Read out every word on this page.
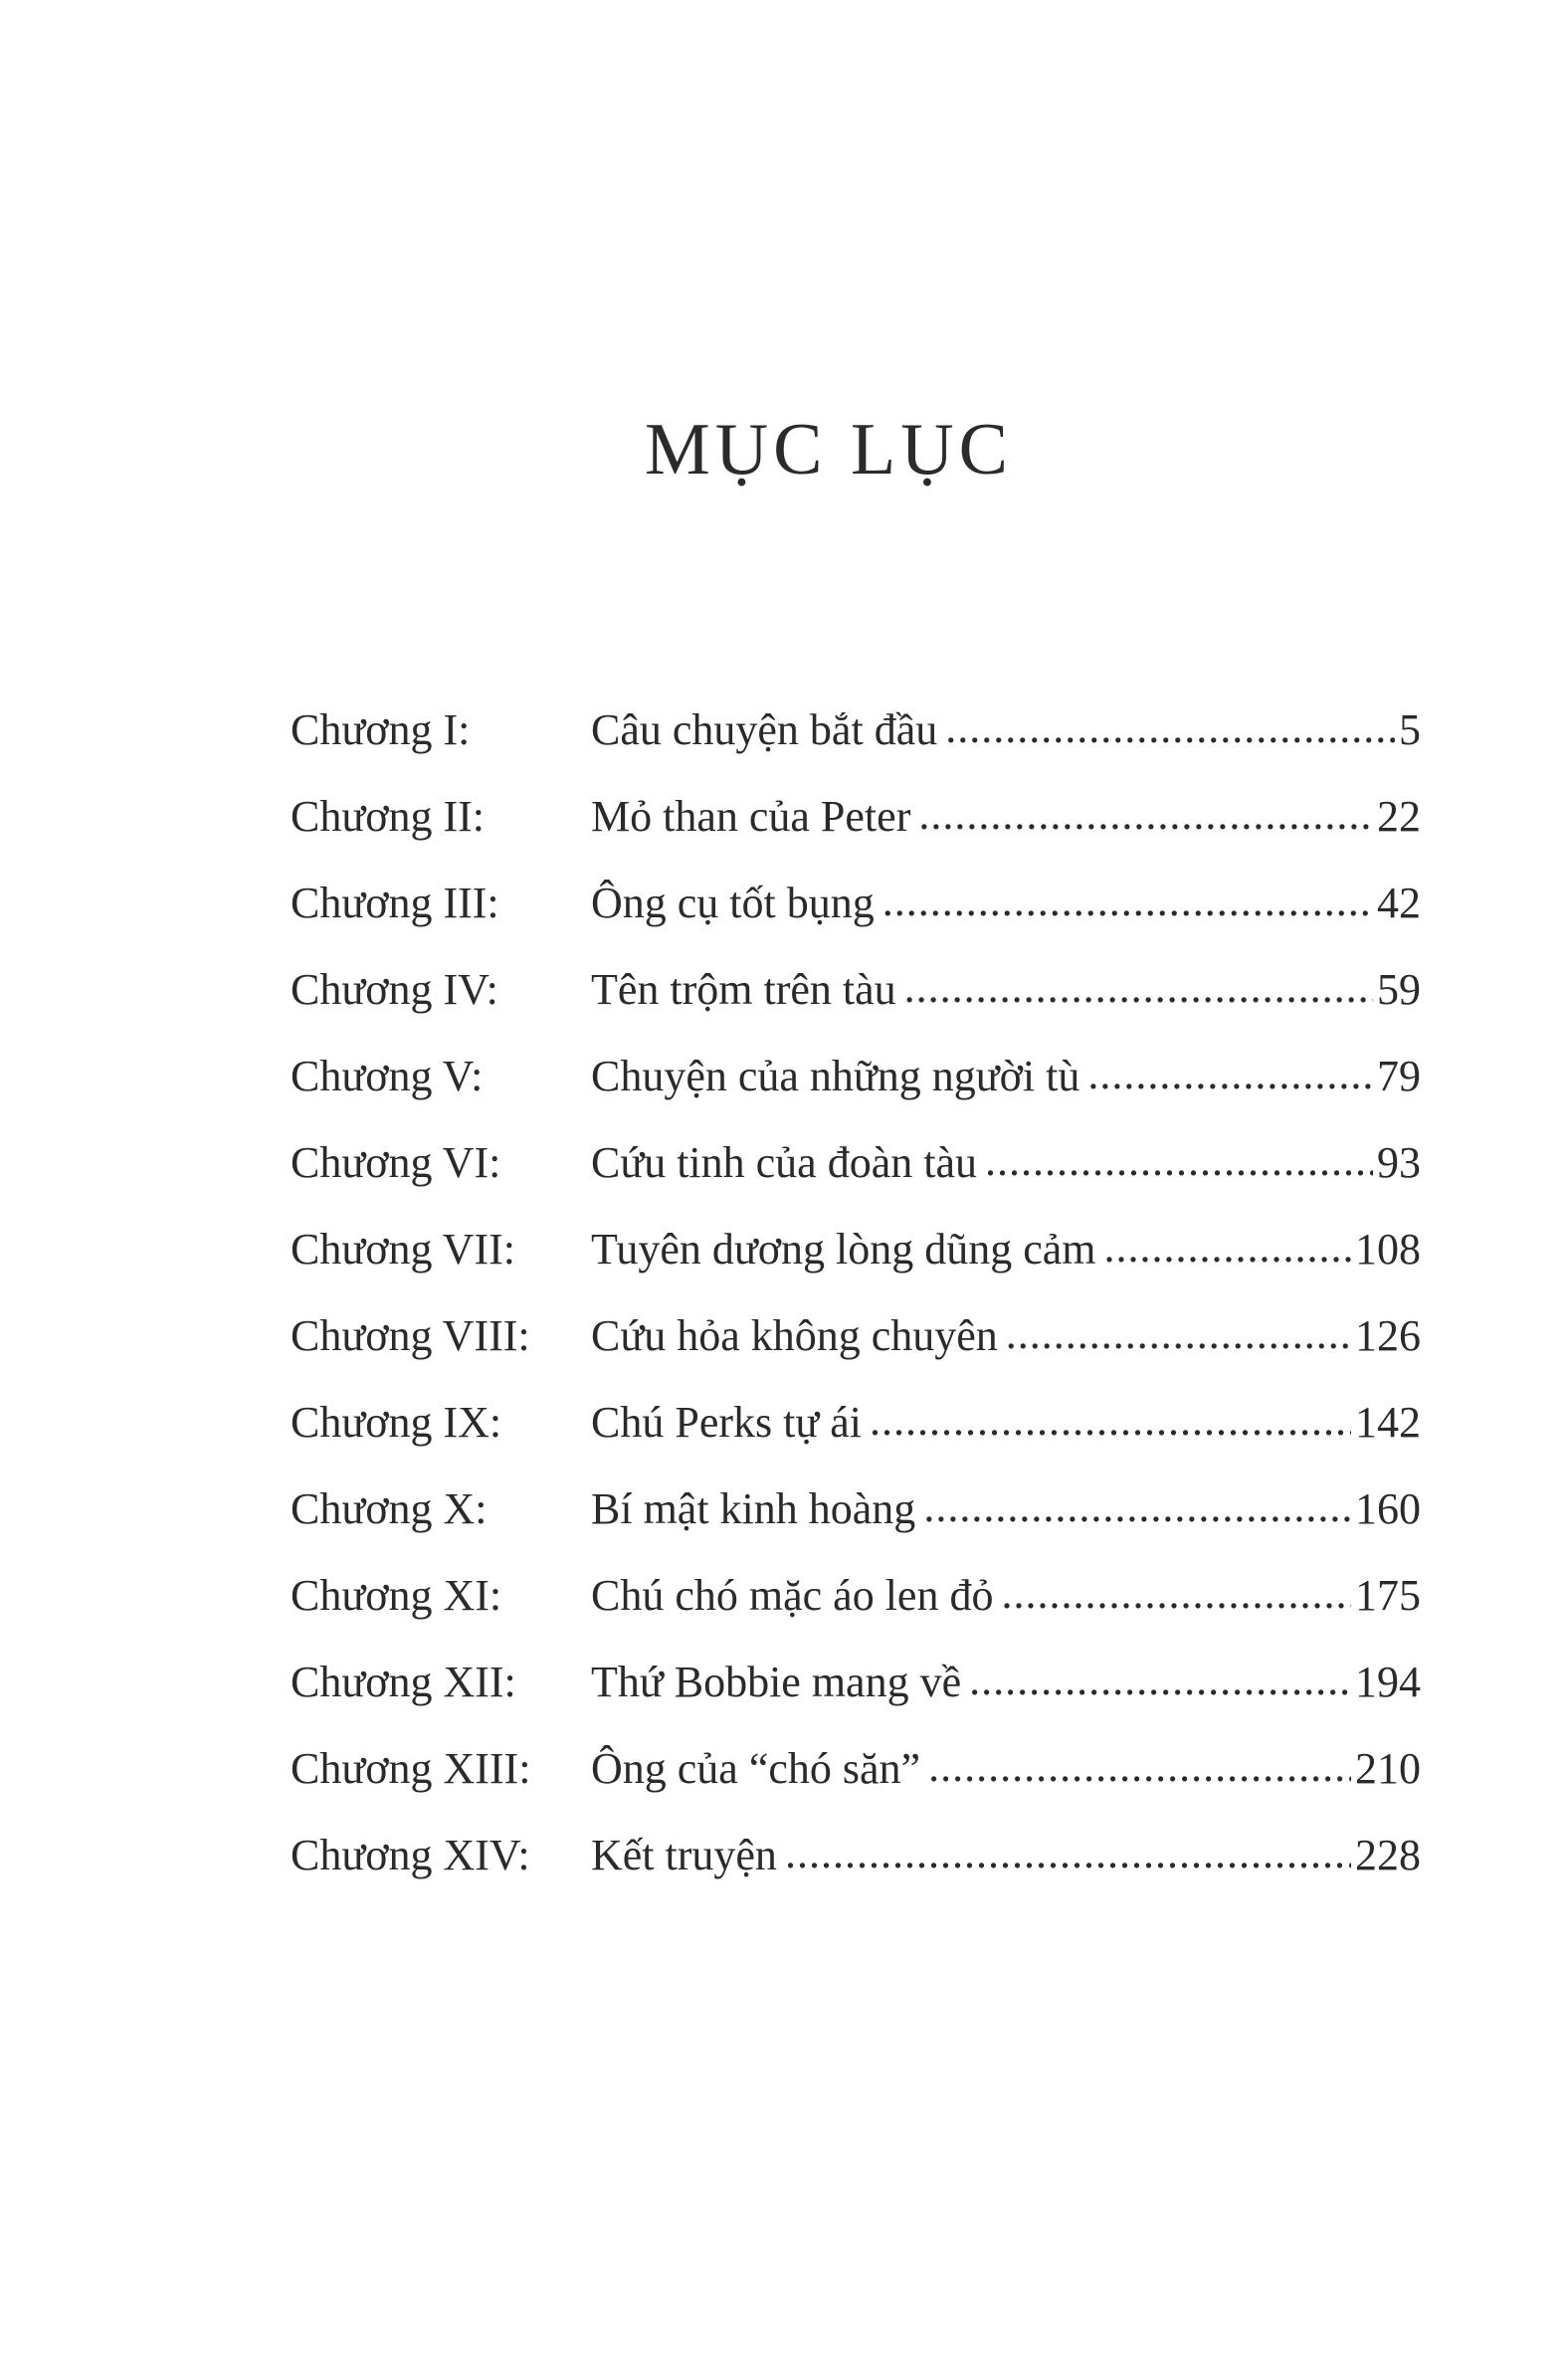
MỤC LỤC
Chương I:	Câu chuyện bắt đầu .....	5
Chương II:	Mỏ than của Peter .....	22
Chương III:	Ông cụ tốt bụng .....	42
Chương IV:	Tên trộm trên tàu .....	59
Chương V:	Chuyện của những người tù .....	79
Chương VI:	Cứu tinh của đoàn tàu .....	93
Chương VII:	Tuyên dương lòng dũng cảm .....	108
Chương VIII:	Cứu hỏa không chuyên .....	126
Chương IX:	Chú Perks tự ái .....	142
Chương X:	Bí mật kinh hoàng .....	160
Chương XI:	Chú chó mặc áo len đỏ .....	175
Chương XII:	Thứ Bobbie mang về .....	194
Chương XIII:	Ông của “chó săn” .....	210
Chương XIV:	Kết truyện .....	228
